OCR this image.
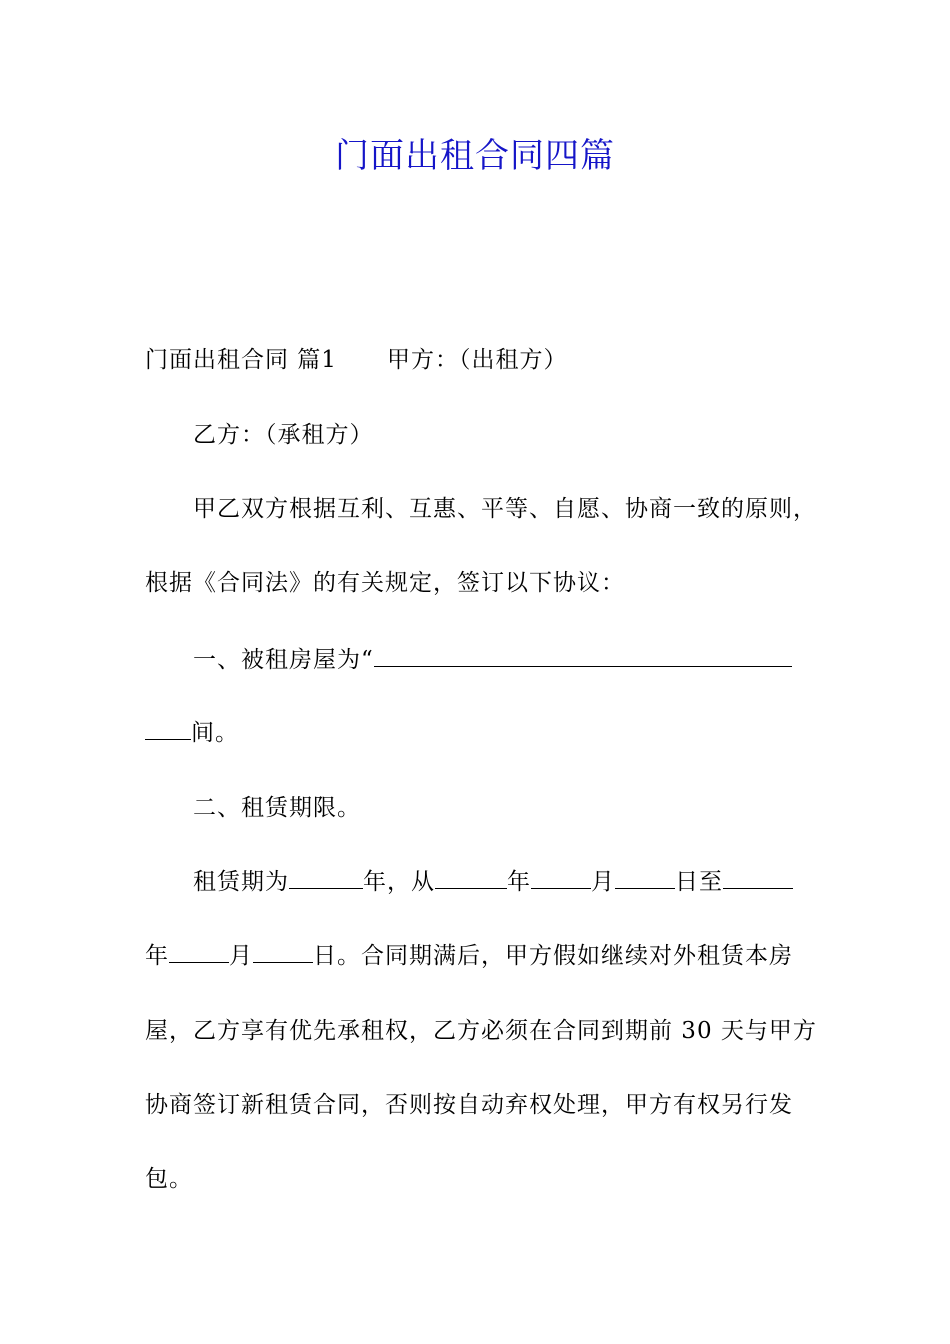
门面出租合同四篇
门面出租合同 篇1 甲方：（出租方）
乙方：（承租方）
甲乙双方根据互利、互惠、平等、自愿、协商一致的原则，
根据《合同法》的有关规定，签订以下协议：
一、被租房屋为“
间。
二、租赁期限。
租赁期为	年，从	年	月	日至
年	月	日。合同期满后，甲方假如继续对外租赁本房
屋，乙方享有优先承租权，乙方必须在合同到期前 30 天与甲方
协商签订新租赁合同，否则按自动弃权处理，甲方有权另行发
包。
